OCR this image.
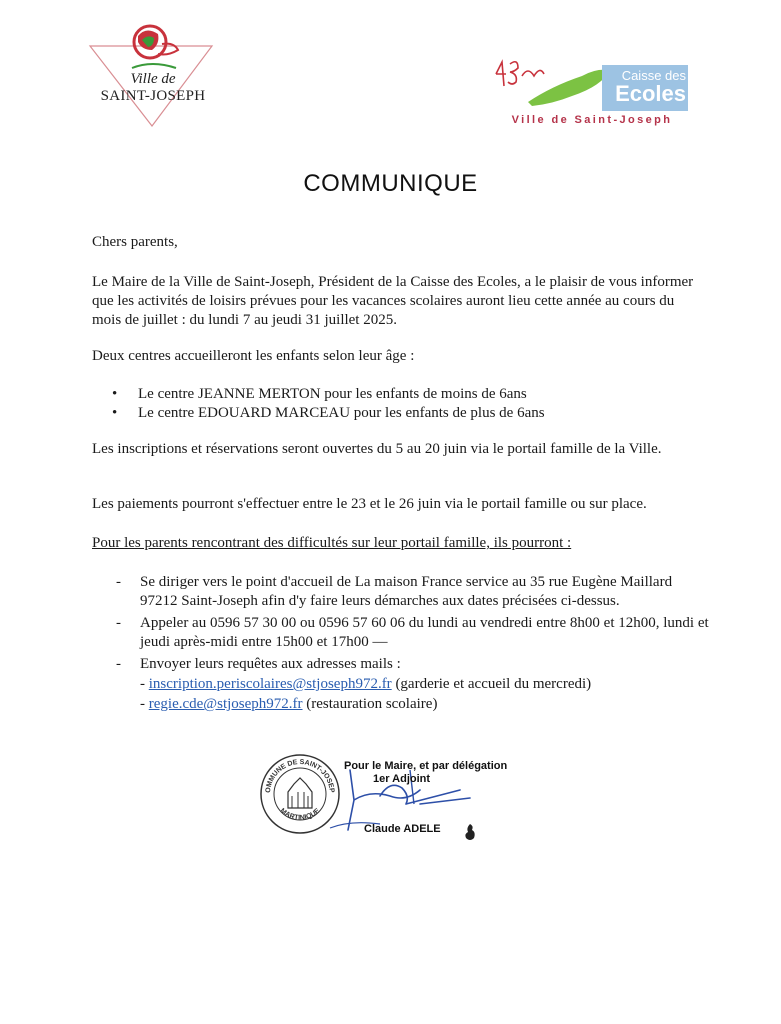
Ville de
SAINT-JOSEPH
Caisse des
Ecoles
Ville de Saint-Joseph
COMMUNIQUE
Chers parents,
Le Maire de la Ville de Saint-Joseph, Président de la Caisse des Ecoles, a le plaisir de vous informer que les activités de loisirs prévues pour les vacances scolaires auront lieu cette année au cours du mois de juillet : du lundi 7 au jeudi 31 juillet 2025.
Deux centres accueilleront les enfants selon leur âge :
• Le centre JEANNE MERTON pour les enfants de moins de 6ans
• Le centre EDOUARD MARCEAU pour les enfants de plus de 6ans
Les inscriptions et réservations seront ouvertes du 5 au 20 juin via le portail famille de la Ville.
Les paiements pourront s'effectuer entre le 23 et le 26 juin via le portail famille ou sur place.
Pour les parents rencontrant des difficultés sur leur portail famille, ils pourront :
- Se diriger vers le point d'accueil de La maison France service au 35 rue Eugène Maillard 97212 Saint-Joseph afin d'y faire leurs démarches aux dates précisées ci-dessus.
- Appeler au 0596 57 30 00 ou 0596 57 60 06 du lundi au vendredi entre 8h00 et 12h00, lundi et jeudi après-midi entre 15h00 et 17h00 —
- Envoyer leurs requêtes aux adresses mails :
- inscription.periscolaires@stjoseph972.fr (garderie et accueil du mercredi)
- regie.cde@stjoseph972.fr (restauration scolaire)
OMMUNE DE SAINT-JOSEP
MARTINIQUE
Pour le Maire, et par délégation
1er Adjoint
Claude ADELE
